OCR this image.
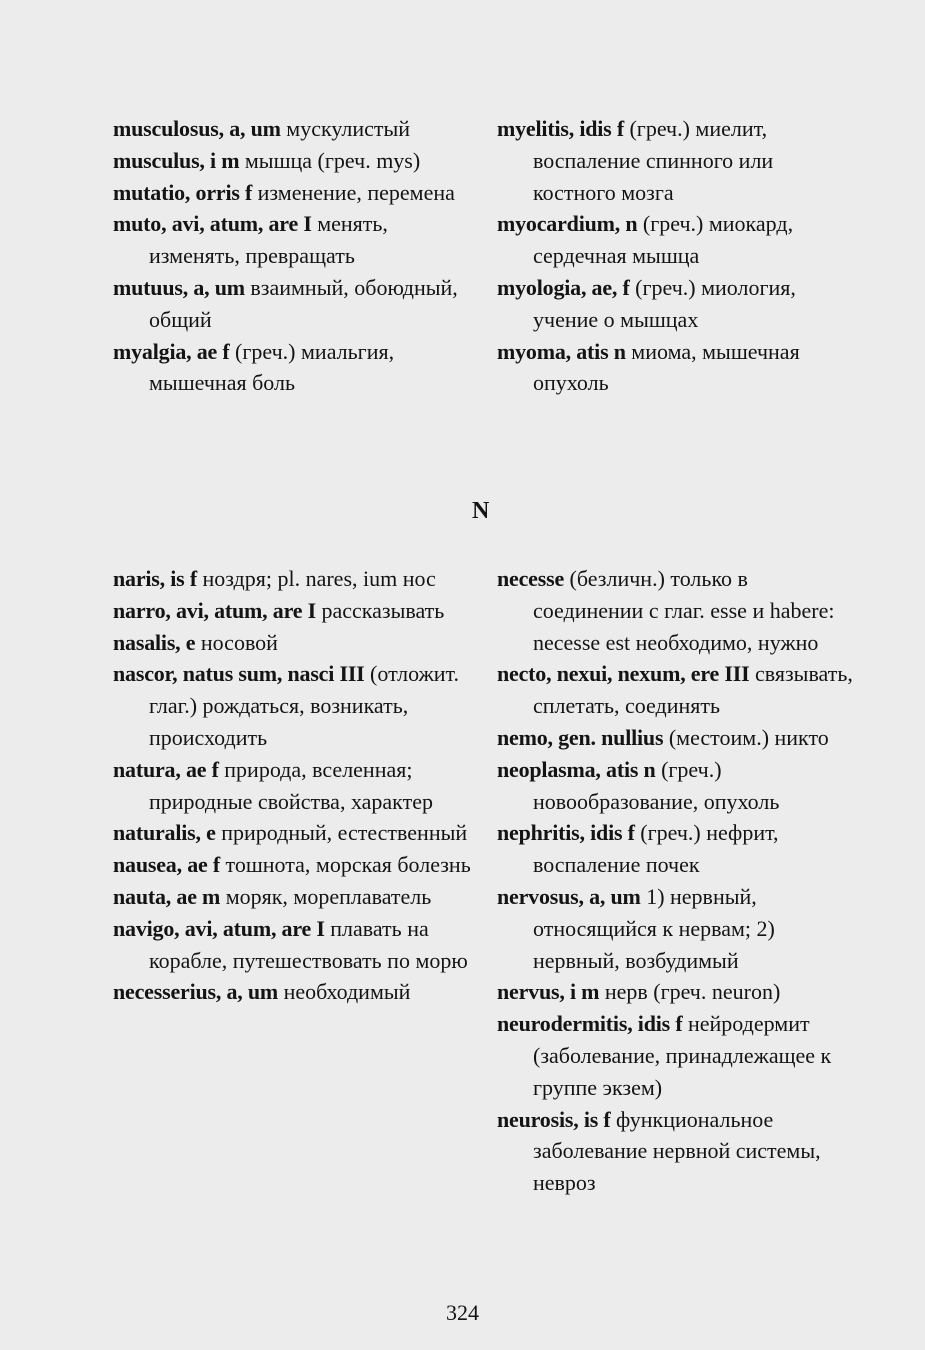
musculosus, a, um мускулистый

musculus, i m мышца (греч. mys)

mutatio, orris f изменение, перемена

muto, avi, atum, are I менять, изменять, превращать

mutuus, a, um взаимный, обоюдный, общий

myalgia, ae f (греч.) миальгия, мышечная боль

myelitis, idis f (греч.) миелит, воспаление спинного или костного мозга

myocardium, n (греч.) миокард, сердечная мышца

myologia, ae, f (греч.) миология, учение о мышцах

myoma, atis n миома, мышечная опухоль

N

naris, is f ноздря; pl. nares, ium нос

narro, avi, atum, are I рассказывать

nasalis, e носовой

nascor, natus sum, nasci III (отложит. глаг.) рождаться, возникать, происходить

natura, ae f природа, вселенная; природные свойства, характер

naturalis, e природный, естественный

nausea, ae f тошнота, морская болезнь

nauta, ae m моряк, мореплаватель

navigo, avi, atum, are I плавать на корабле, путешествовать по морю

necesserius, a, um необходимый

necesse (безличн.) только в соединении с глаг. esse и habere: necesse est необходимо, нужно

necto, nexui, nexum, ere III связывать, сплетать, соединять

nemo, gen. nullius (местоим.) никто

neoplasma, atis n (греч.) новообразование, опухоль

nephritis, idis f (греч.) нефрит, воспаление почек

nervosus, a, um 1) нервный, относящийся к нервам; 2) нервный, возбудимый

nervus, i m нерв (греч. neuron)

neurodermitis, idis f нейродермит (заболевание, принадлежащее к группе экзем)

neurosis, is f функциональное заболевание нервной системы, невроз

324
